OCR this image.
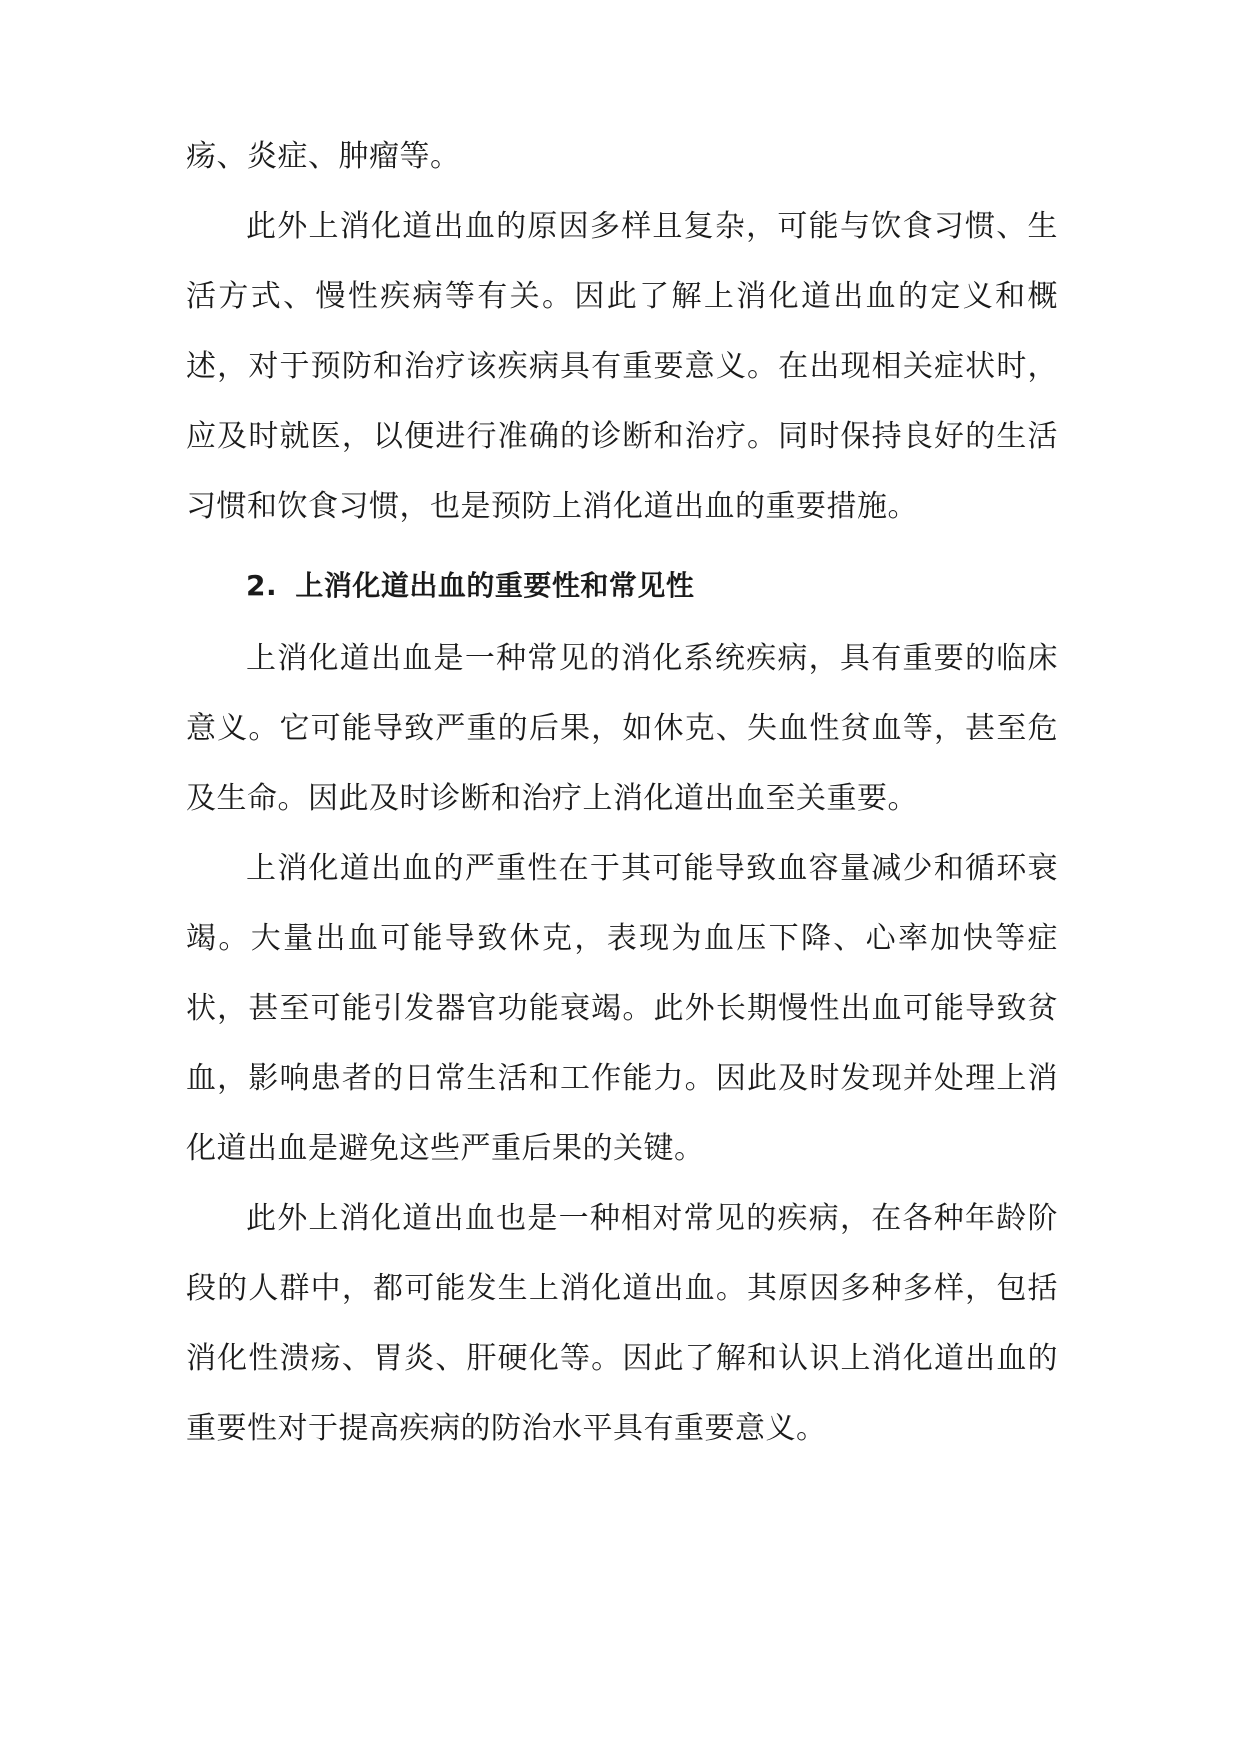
疡、炎症、肿瘤等。

此外上消化道出血的原因多样且复杂，可能与饮食习惯、生活方式、慢性疾病等有关。因此了解上消化道出血的定义和概述，对于预防和治疗该疾病具有重要意义。在出现相关症状时，应及时就医，以便进行准确的诊断和治疗。同时保持良好的生活习惯和饮食习惯，也是预防上消化道出血的重要措施。

2. 上消化道出血的重要性和常见性

上消化道出血是一种常见的消化系统疾病，具有重要的临床意义。它可能导致严重的后果，如休克、失血性贫血等，甚至危及生命。因此及时诊断和治疗上消化道出血至关重要。

上消化道出血的严重性在于其可能导致血容量减少和循环衰竭。大量出血可能导致休克，表现为血压下降、心率加快等症状，甚至可能引发器官功能衰竭。此外长期慢性出血可能导致贫血，影响患者的日常生活和工作能力。因此及时发现并处理上消化道出血是避免这些严重后果的关键。

此外上消化道出血也是一种相对常见的疾病，在各种年龄阶段的人群中，都可能发生上消化道出血。其原因多种多样，包括消化性溃疡、胃炎、肝硬化等。因此了解和认识上消化道出血的重要性对于提高疾病的防治水平具有重要意义。
